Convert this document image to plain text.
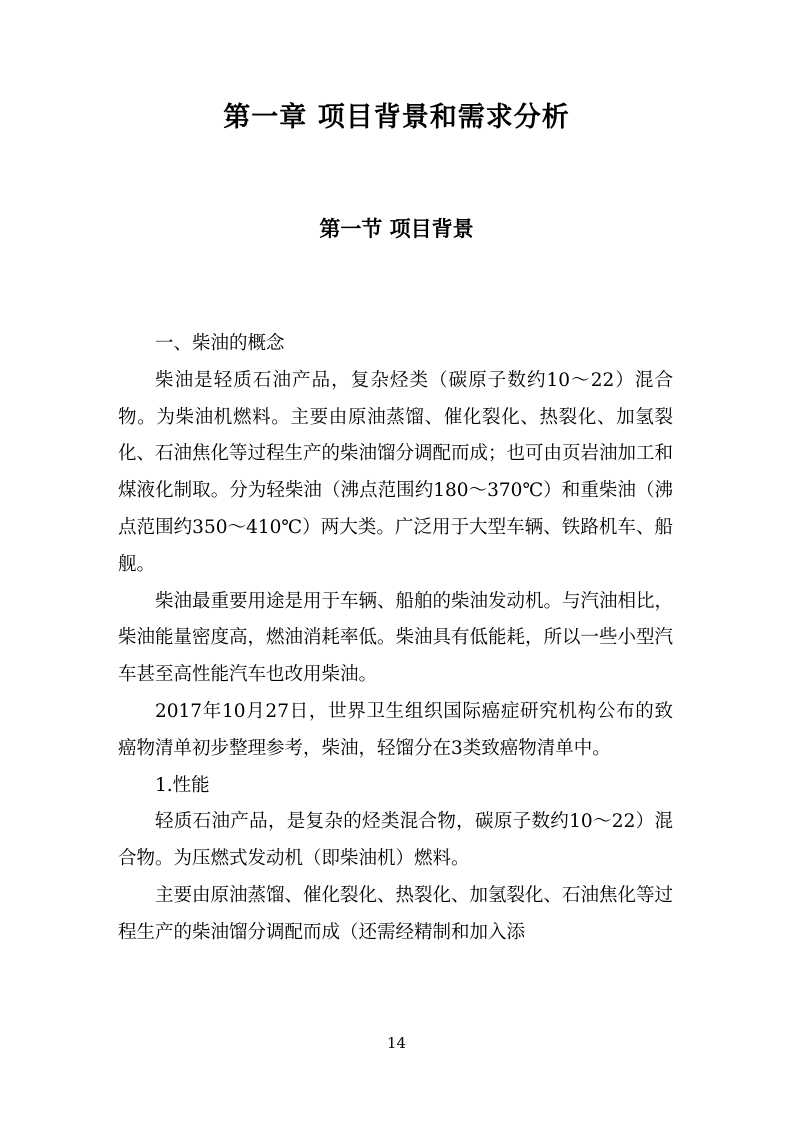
第一章 项目背景和需求分析
第一节 项目背景

一、柴油的概念

柴油是轻质石油产品，复杂烃类（碳原子数约10～22）混合物。为柴油机燃料。主要由原油蒸馏、催化裂化、热裂化、加氢裂化、石油焦化等过程生产的柴油馏分调配而成；也可由页岩油加工和煤液化制取。分为轻柴油（沸点范围约180～370℃）和重柴油（沸点范围约350～410℃）两大类。广泛用于大型车辆、铁路机车、船舰。

柴油最重要用途是用于车辆、船舶的柴油发动机。与汽油相比，柴油能量密度高，燃油消耗率低。柴油具有低能耗，所以一些小型汽车甚至高性能汽车也改用柴油。

2017年10月27日，世界卫生组织国际癌症研究机构公布的致癌物清单初步整理参考，柴油，轻馏分在3类致癌物清单中。

1.性能

轻质石油产品，是复杂的烃类混合物，碳原子数约10～22）混合物。为压燃式发动机（即柴油机）燃料。

主要由原油蒸馏、催化裂化、热裂化、加氢裂化、石油焦化等过程生产的柴油馏分调配而成（还需经精制和加入添

14
